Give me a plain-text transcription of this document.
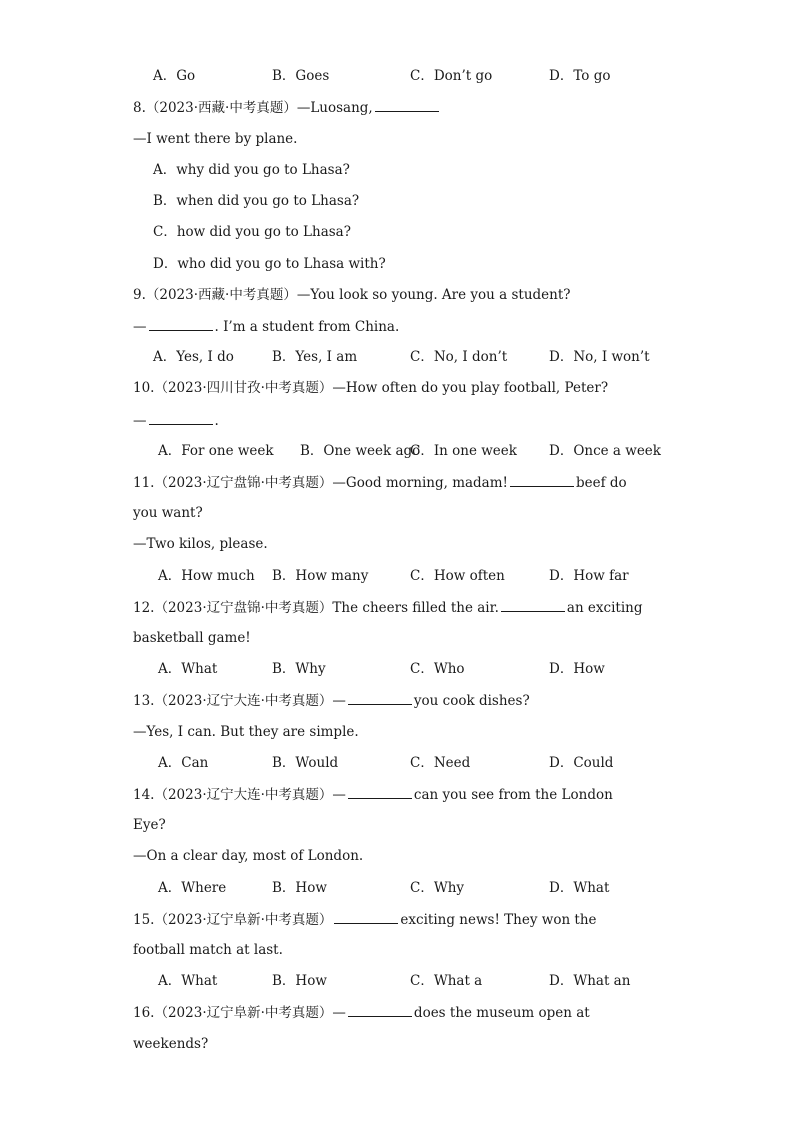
A．Go	B．Goes	C．Don’t go	D．To go
8.（2023·西藏·中考真题）—Luosang,
—I went there by plane.
A．why did you go to Lhasa?
B．when did you go to Lhasa?
C．how did you go to Lhasa?
D．who did you go to Lhasa with?
9.（2023·西藏·中考真题）—You look so young. Are you a student?
—	. I’m a student from China.
A．Yes, I do	B．Yes, I am	C．No, I don’t	D．No, I won’t
10.（2023·四川甘孜·中考真题）—How often do you play football, Peter?
—	.
A．For one week B．One week ago
C．In one week D．Once a week
11.（2023·辽宁盘锦·中考真题）—Good morning, madam!	beef do
you want?
—Two kilos, please.
A．How much B．How many	C．How often	D．How far
12.（2023·辽宁盘锦·中考真题）The cheers filled the air.	an exciting
basketball game!
A．What	B．Why	C．Who	D．How
13.（2023·辽宁大连·中考真题）—	you cook dishes?
—Yes, I can. But they are simple.
A．Can	B．Would	C．Need	D．Could
14.（2023·辽宁大连·中考真题）—	can you see from the London
Eye?
—On a clear day, most of London.
A．Where	B．How	C．Why	D．What
15.（2023·辽宁阜新·中考真题）	exciting news! They won the
football match at last.
A．What	B．How	C．What a	D．What an
16.（2023·辽宁阜新·中考真题）—	does the museum open at
weekends?
